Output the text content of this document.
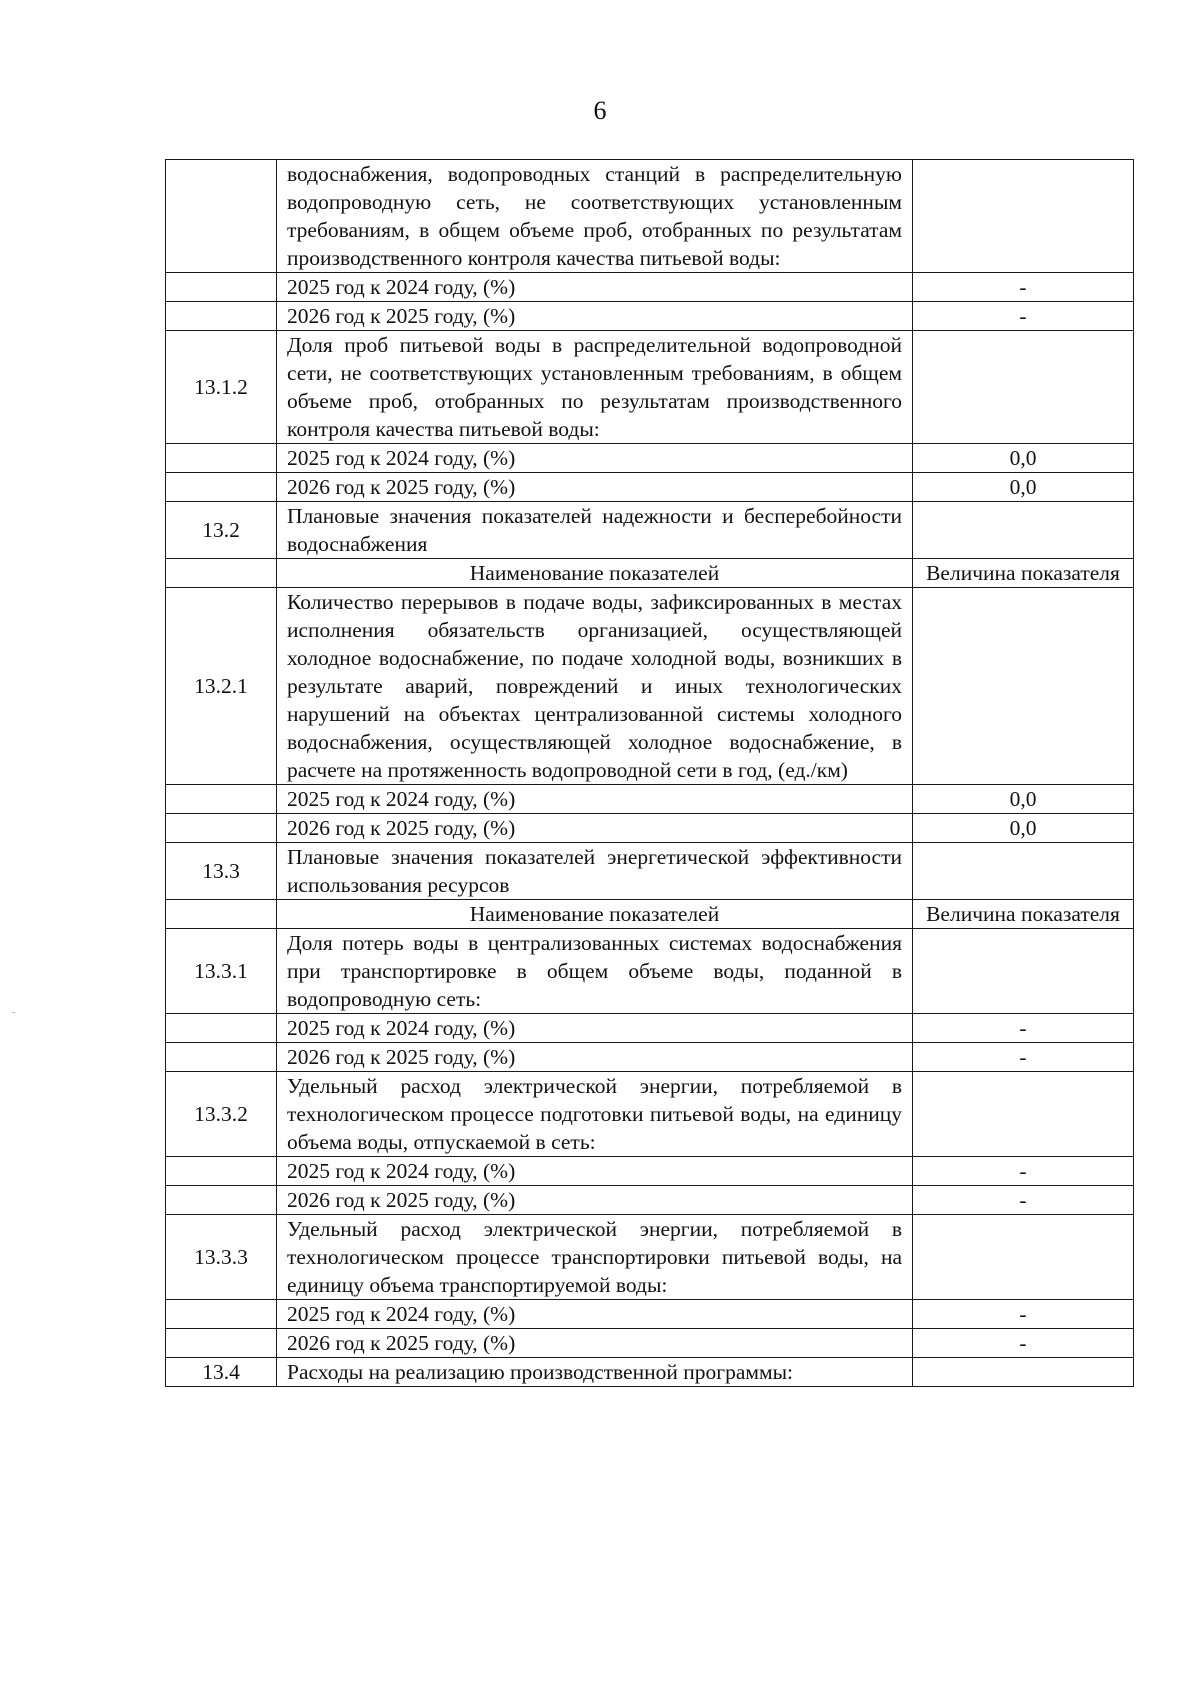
6
	водоснабжения, водопроводных станций в распределительную водопроводную сеть, не соответствующих установленным требованиям, в общем объеме проб, отобранных по результатам производственного контроля качества питьевой воды:	
	2025 год к 2024 году, (%)	-
	2026 год к 2025 году, (%)	-
13.1.2	Доля проб питьевой воды в распределительной водопроводной сети, не соответствующих установленным требованиям, в общем объеме проб, отобранных по результатам производственного контроля качества питьевой воды:	
	2025 год к 2024 году, (%)	0,0
	2026 год к 2025 году, (%)	0,0
13.2	Плановые значения показателей надежности и бесперебойности водоснабжения	
	Наименование показателей	Величина показателя
13.2.1	Количество перерывов в подаче воды, зафиксированных в местах исполнения обязательств организацией, осуществляющей холодное водоснабжение, по подаче холодной воды, возникших в результате аварий, повреждений и иных технологических нарушений на объектах централизованной системы холодного водоснабжения, осуществляющей холодное водоснабжение, в расчете на протяженность водопроводной сети в год, (ед./км)	
	2025 год к 2024 году, (%)	0,0
	2026 год к 2025 году, (%)	0,0
13.3	Плановые значения показателей энергетической эффективности использования ресурсов	
	Наименование показателей	Величина показателя
13.3.1	Доля потерь воды в централизованных системах водоснабжения при транспортировке в общем объеме воды, поданной в водопроводную сеть:	
	2025 год к 2024 году, (%)	-
	2026 год к 2025 году, (%)	-
13.3.2	Удельный расход электрической энергии, потребляемой в технологическом процессе подготовки питьевой воды, на единицу объема воды, отпускаемой в сеть:	
	2025 год к 2024 году, (%)	-
	2026 год к 2025 году, (%)	-
13.3.3	Удельный расход электрической энергии, потребляемой в технологическом процессе транспортировки питьевой воды, на единицу объема транспортируемой воды:	
	2025 год к 2024 году, (%)	-
	2026 год к 2025 году, (%)	-
13.4	Расходы на реализацию производственной программы:	
